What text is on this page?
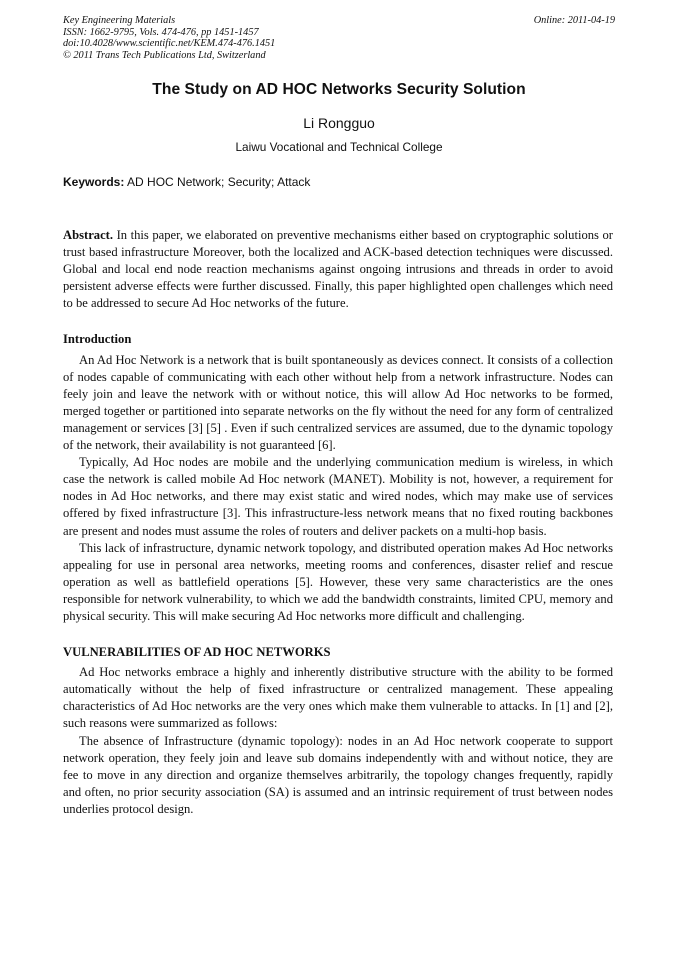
Key Engineering Materials
ISSN: 1662-9795, Vols. 474-476, pp 1451-1457
doi:10.4028/www.scientific.net/KEM.474-476.1451
© 2011 Trans Tech Publications Ltd, Switzerland
Online: 2011-04-19
The Study on AD HOC Networks Security Solution
Li Rongguo
Laiwu Vocational and Technical College
Keywords: AD HOC Network; Security; Attack

Abstract. In this paper, we elaborated on preventive mechanisms either based on cryptographic solutions or trust based infrastructure Moreover, both the localized and ACK-based detection techniques were discussed. Global and local end node reaction mechanisms against ongoing intrusions and threads in order to avoid persistent adverse effects were further discussed. Finally, this paper highlighted open challenges which need to be addressed to secure Ad Hoc networks of the future.

Introduction

An Ad Hoc Network is a network that is built spontaneously as devices connect. It consists of a collection of nodes capable of communicating with each other without help from a network infrastructure. Nodes can feely join and leave the network with or without notice, this will allow Ad Hoc networks to be formed, merged together or partitioned into separate networks on the fly without the need for any form of centralized management or services [3] [5] . Even if such centralized services are assumed, due to the dynamic topology of the network, their availability is not guaranteed [6].

Typically, Ad Hoc nodes are mobile and the underlying communication medium is wireless, in which case the network is called mobile Ad Hoc network (MANET). Mobility is not, however, a requirement for nodes in Ad Hoc networks, and there may exist static and wired nodes, which may make use of services offered by fixed infrastructure [3]. This infrastructure-less network means that no fixed routing backbones are present and nodes must assume the roles of routers and deliver packets on a multi-hop basis.

This lack of infrastructure, dynamic network topology, and distributed operation makes Ad Hoc networks appealing for use in personal area networks, meeting rooms and conferences, disaster relief and rescue operation as well as battlefield operations [5]. However, these very same characteristics are the ones responsible for network vulnerability, to which we add the bandwidth constraints, limited CPU, memory and physical security. This will make securing Ad Hoc networks more difficult and challenging.

VULNERABILITIES OF AD HOC NETWORKS

Ad Hoc networks embrace a highly and inherently distributive structure with the ability to be formed automatically without the help of fixed infrastructure or centralized management. These appealing characteristics of Ad Hoc networks are the very ones which make them vulnerable to attacks. In [1] and [2], such reasons were summarized as follows:

The absence of Infrastructure (dynamic topology): nodes in an Ad Hoc network cooperate to support network operation, they feely join and leave sub domains independently with and without notice, they are fee to move in any direction and organize themselves arbitrarily, the topology changes frequently, rapidly and often, no prior security association (SA) is assumed and an intrinsic requirement of trust between nodes underlies protocol design.
